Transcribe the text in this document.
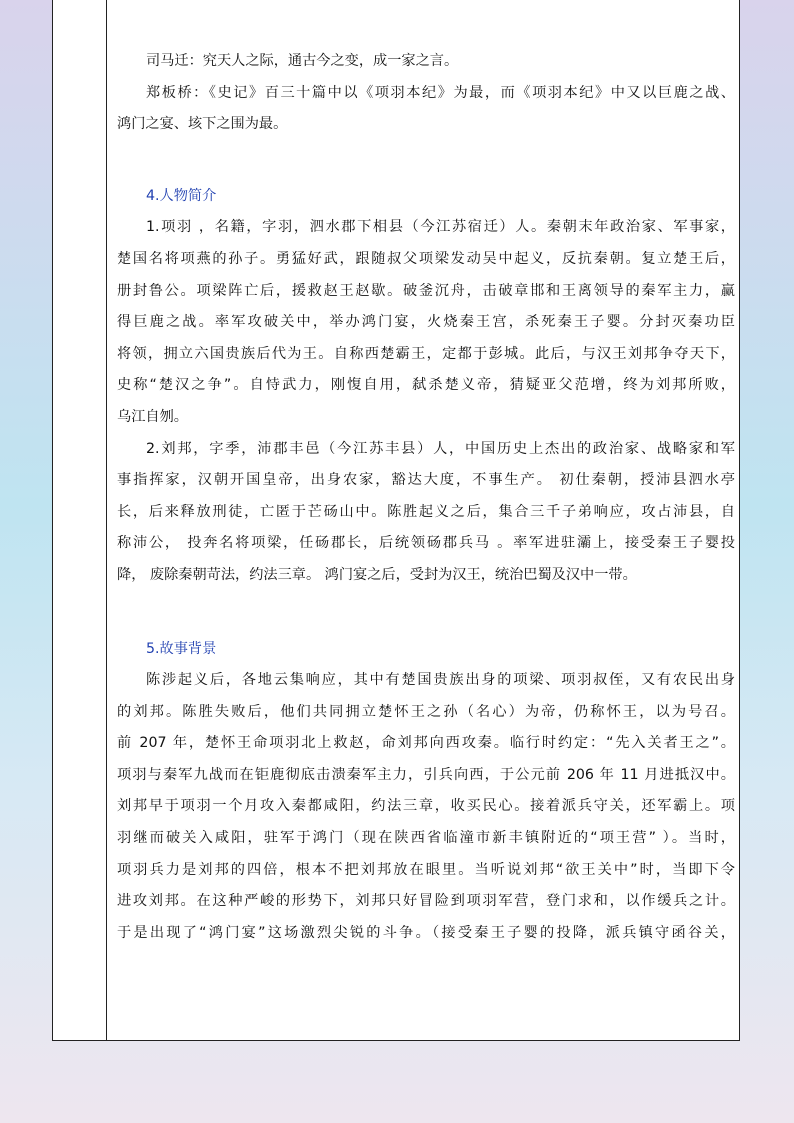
司马迁：究天人之际，通古今之变，成一家之言。
郑板桥：《史记》百三十篇中以《项羽本纪》为最，而《项羽本纪》中又以巨鹿之战、
鸿门之宴、垓下之围为最。
4.人物简介
1.项羽 ，名籍，字羽，泗水郡下相县（今江苏宿迁）人。秦朝末年政治家、军事家，
楚国名将项燕的孙子。勇猛好武，跟随叔父项梁发动吴中起义，反抗秦朝。复立楚王后，
册封鲁公。项梁阵亡后，援救赵王赵歇。破釜沉舟，击破章邯和王离领导的秦军主力，赢
得巨鹿之战。率军攻破关中，举办鸿门宴，火烧秦王宫，杀死秦王子婴。分封灭秦功臣
将领，拥立六国贵族后代为王。自称西楚霸王，定都于彭城。此后，与汉王刘邦争夺天下，
史称“楚汉之争”。自恃武力，刚愎自用，弑杀楚义帝，猜疑亚父范增，终为刘邦所败，
乌江自刎。
2.刘邦，字季，沛郡丰邑（今江苏丰县）人，中国历史上杰出的政治家、战略家和军
事指挥家，汉朝开国皇帝，出身农家，豁达大度，不事生产。 初仕秦朝，授沛县泗水亭
长，后来释放刑徒，亡匿于芒砀山中。陈胜起义之后，集合三千子弟响应，攻占沛县，自
称沛公， 投奔名将项梁，任砀郡长，后统领砀郡兵马 。率军进驻灞上，接受秦王子婴投
降， 废除秦朝苛法，约法三章。 鸿门宴之后，受封为汉王，统治巴蜀及汉中一带。
5.故事背景
陈涉起义后，各地云集响应，其中有楚国贵族出身的项梁、项羽叔侄，又有农民出身
的刘邦。陈胜失败后，他们共同拥立楚怀王之孙（名心）为帝，仍称怀王，以为号召。
前 207 年，楚怀王命项羽北上救赵，命刘邦向西攻秦。临行时约定：“先入关者王之”。
项羽与秦军九战而在钜鹿彻底击溃秦军主力，引兵向西，于公元前 206 年 11 月进抵汉中。
刘邦早于项羽一个月攻入秦都咸阳，约法三章，收买民心。接着派兵守关，还军霸上。项
羽继而破关入咸阳，驻军于鸿门（现在陕西省临潼市新丰镇附近的“项王营” ）。当时，
项羽兵力是刘邦的四倍，根本不把刘邦放在眼里。当听说刘邦“欲王关中”时，当即下令
进攻刘邦。在这种严峻的形势下，刘邦只好冒险到项羽军营，登门求和，以作缓兵之计。
于是出现了“鸿门宴”这场激烈尖锐的斗争。（接受秦王子婴的投降，派兵镇守函谷关，
